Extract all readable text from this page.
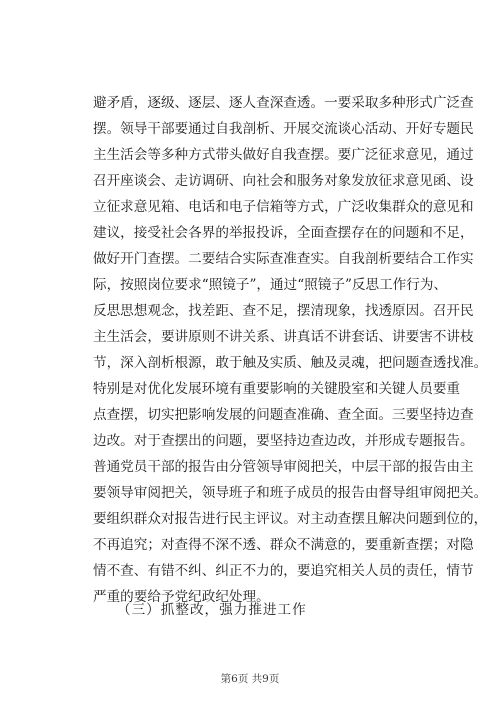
避矛盾，逐级、逐层、逐人查深查透。一要采取多种形式广泛查
摆。领导干部要通过自我剖析、开展交流谈心活动、开好专题民
主生活会等多种方式带头做好自我查摆。要广泛征求意见，通过
召开座谈会、走访调研、向社会和服务对象发放征求意见函、设
立征求意见箱、电话和电子信箱等方式，广泛收集群众的意见和
建议，接受社会各界的举报投诉，全面查摆存在的问题和不足，
做好开门查摆。二要结合实际查准查实。自我剖析要结合工作实
际，按照岗位要求“照镜子”，通过“照镜子”反思工作行为、
反思思想观念，找差距、查不足，摆清现象，找透原因。召开民
主生活会，要讲原则不讲关系、讲真话不讲套话、讲要害不讲枝
节，深入剖析根源，敢于触及实质、触及灵魂，把问题查透找准。
特别是对优化发展环境有重要影响的关键股室和关键人员要重
点查摆，切实把影响发展的问题查准确、查全面。三要坚持边查
边改。对于查摆出的问题，要坚持边查边改，并形成专题报告。
普通党员干部的报告由分管领导审阅把关，中层干部的报告由主
要领导审阅把关，领导班子和班子成员的报告由督导组审阅把关。
要组织群众对报告进行民主评议。对主动查摆且解决问题到位的，
不再追究；对查得不深不透、群众不满意的，要重新查摆；对隐
情不查、有错不纠、纠正不力的，要追究相关人员的责任，情节
严重的要给予党纪政纪处理。
（三）抓整改，强力推进工作
第6页 共9页
